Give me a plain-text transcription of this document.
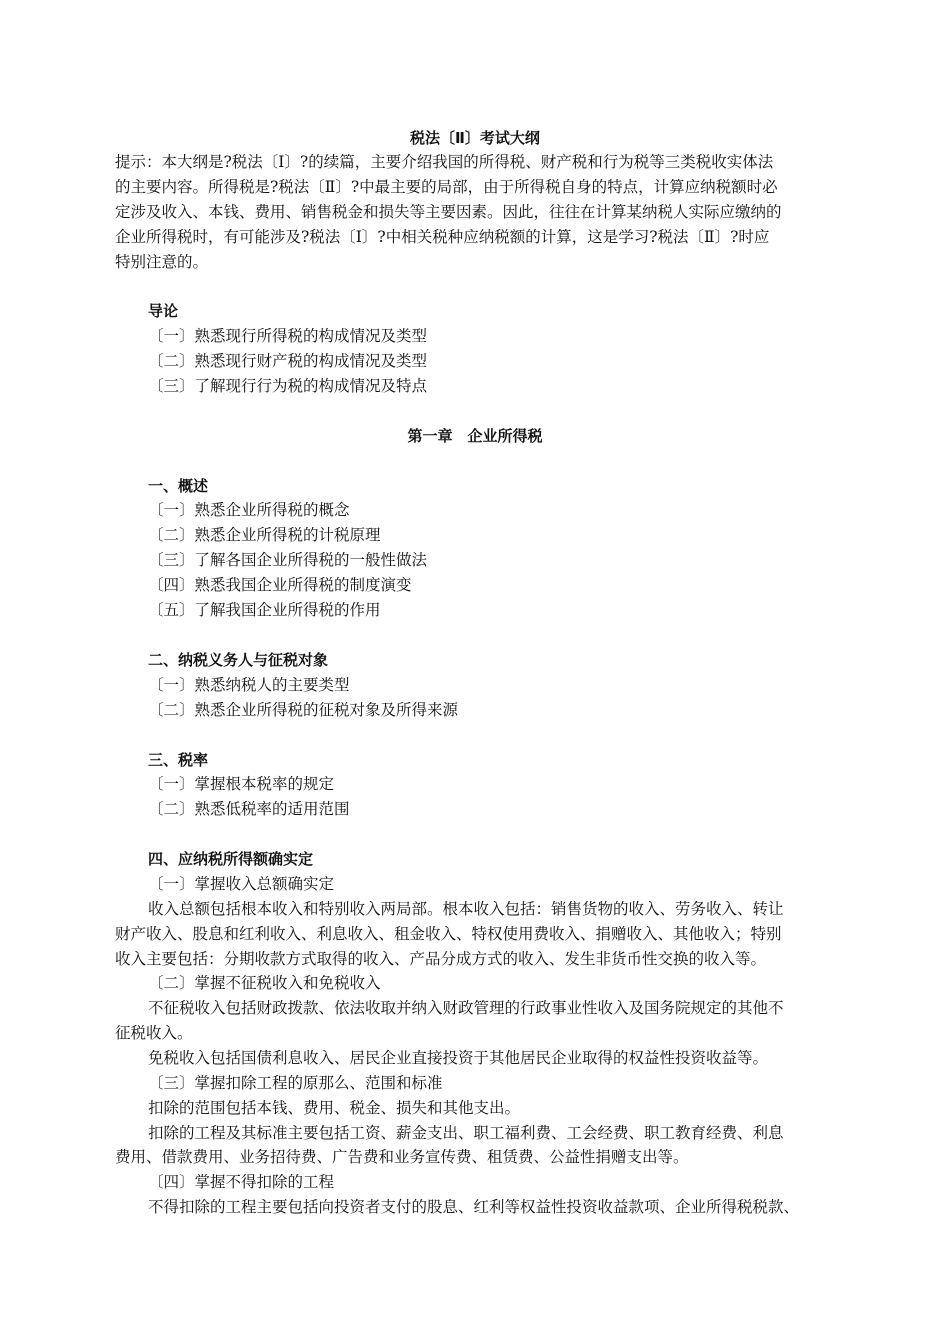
税法〔Ⅱ〕考试大纲
提示：本大纲是?税法〔Ⅰ〕?的续篇，主要介绍我国的所得税、财产税和行为税等三类税收实体法
的主要内容。所得税是?税法〔Ⅱ〕?中最主要的局部，由于所得税自身的特点，计算应纳税额时必
定涉及收入、本钱、费用、销售税金和损失等主要因素。因此，往往在计算某纳税人实际应缴纳的
企业所得税时，有可能涉及?税法〔Ⅰ〕?中相关税种应纳税额的计算，这是学习?税法〔Ⅱ〕?时应
特别注意的。
导论
〔一〕熟悉现行所得税的构成情况及类型
〔二〕熟悉现行财产税的构成情况及类型
〔三〕了解现行行为税的构成情况及特点
第一章　企业所得税
一、概述
〔一〕熟悉企业所得税的概念
〔二〕熟悉企业所得税的计税原理
〔三〕了解各国企业所得税的一般性做法
〔四〕熟悉我国企业所得税的制度演变
〔五〕了解我国企业所得税的作用
二、纳税义务人与征税对象
〔一〕熟悉纳税人的主要类型
〔二〕熟悉企业所得税的征税对象及所得来源
三、税率
〔一〕掌握根本税率的规定
〔二〕熟悉低税率的适用范围
四、应纳税所得额确实定
〔一〕掌握收入总额确实定
收入总额包括根本收入和特别收入两局部。根本收入包括：销售货物的收入、劳务收入、转让
财产收入、股息和红利收入、利息收入、租金收入、特权使用费收入、捐赠收入、其他收入；特别
收入主要包括：分期收款方式取得的收入、产品分成方式的收入、发生非货币性交换的收入等。
〔二〕掌握不征税收入和免税收入
不征税收入包括财政拨款、依法收取并纳入财政管理的行政事业性收入及国务院规定的其他不
征税收入。
免税收入包括国债利息收入、居民企业直接投资于其他居民企业取得的权益性投资收益等。
〔三〕掌握扣除工程的原那么、范围和标准
扣除的范围包括本钱、费用、税金、损失和其他支出。
扣除的工程及其标准主要包括工资、薪金支出、职工福利费、工会经费、职工教育经费、利息
费用、借款费用、业务招待费、广告费和业务宣传费、租赁费、公益性捐赠支出等。
〔四〕掌握不得扣除的工程
不得扣除的工程主要包括向投资者支付的股息、红利等权益性投资收益款项、企业所得税税款、
